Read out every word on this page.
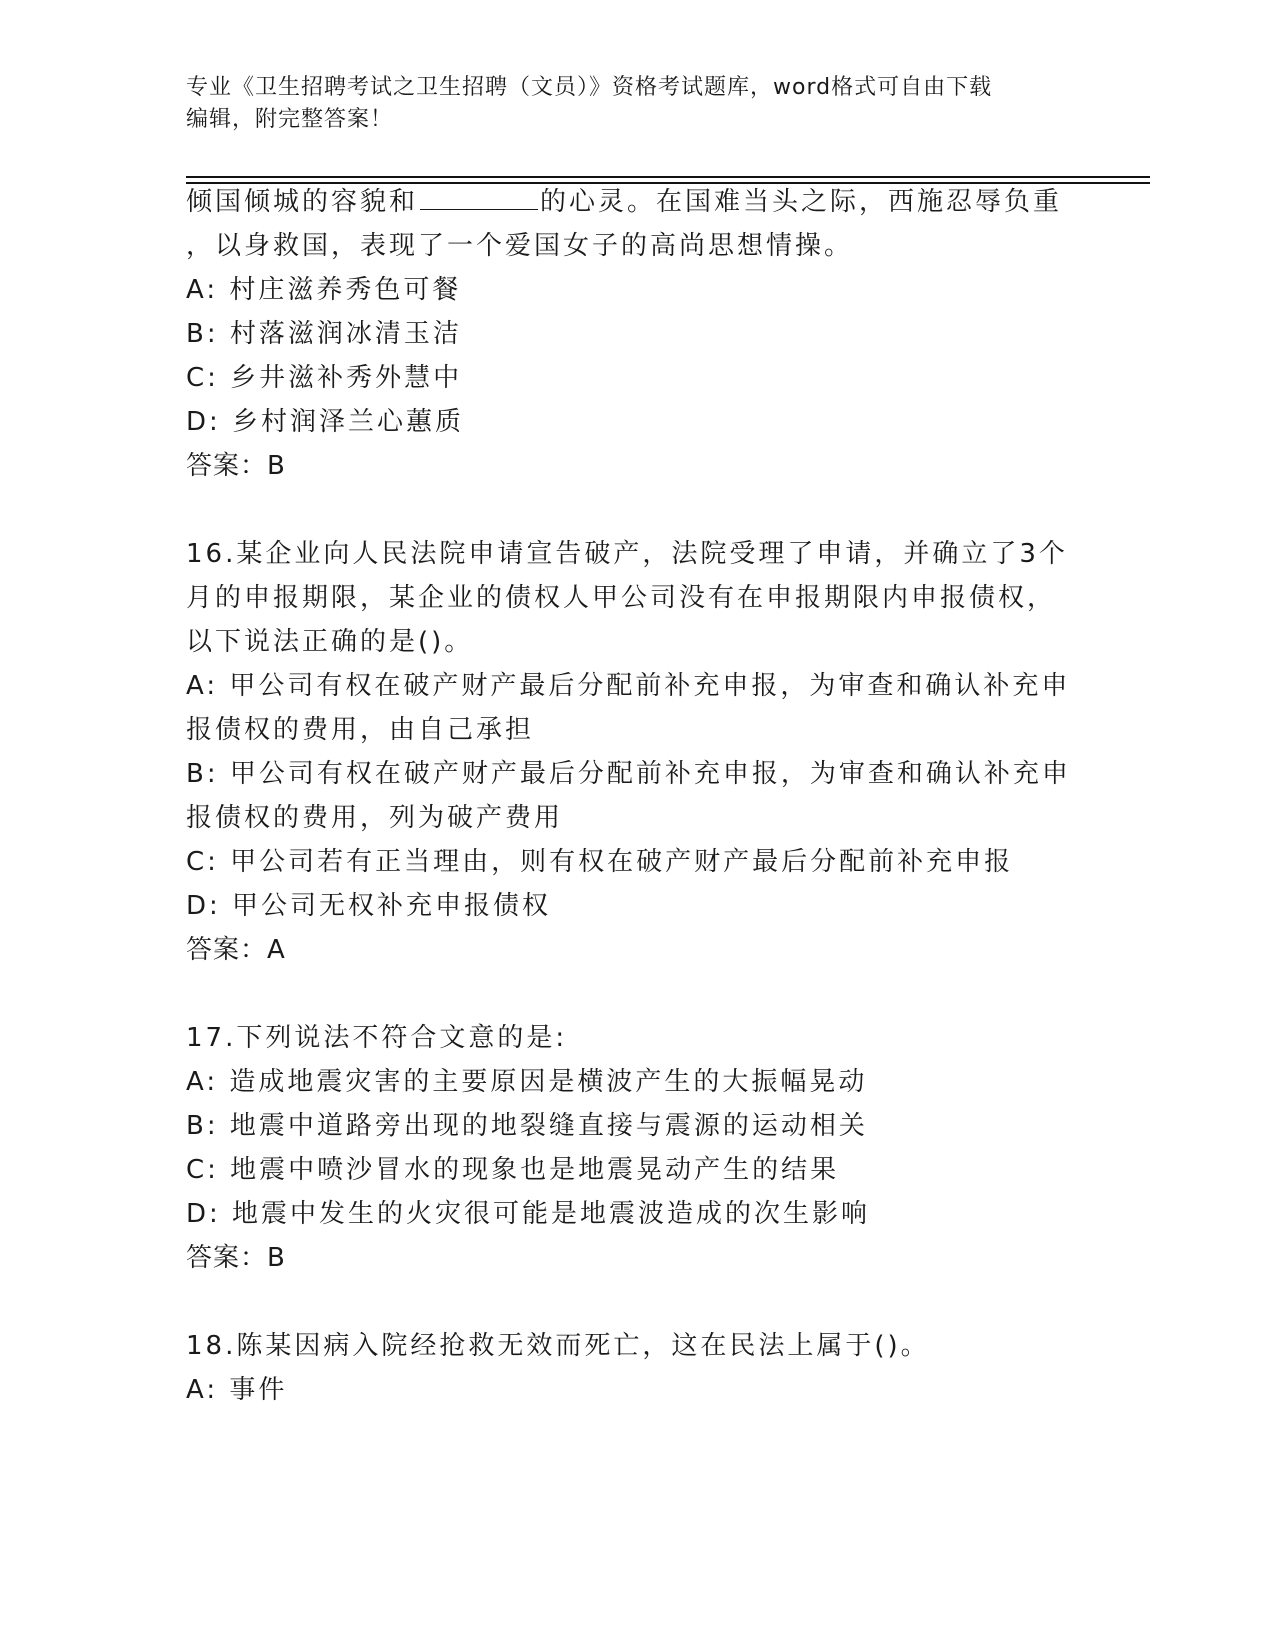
专业《卫生招聘考试之卫生招聘（文员）》资格考试题库，word格式可自由下载
编辑，附完整答案！
倾国倾城的容貌和	的心灵。在国难当头之际，西施忍辱负重
，以身救国，表现了一个爱国女子的高尚思想情操。
A: 村庄滋养秀色可餐
B: 村落滋润冰清玉洁
C: 乡井滋补秀外慧中
D: 乡村润泽兰心蕙质
答案：B
16.某企业向人民法院申请宣告破产，法院受理了申请，并确立了3个
月的申报期限，某企业的债权人甲公司没有在申报期限内申报债权，
以下说法正确的是()。
A: 甲公司有权在破产财产最后分配前补充申报，为审查和确认补充申
报债权的费用，由自己承担
B: 甲公司有权在破产财产最后分配前补充申报，为审查和确认补充申
报债权的费用，列为破产费用
C: 甲公司若有正当理由，则有权在破产财产最后分配前补充申报
D: 甲公司无权补充申报债权
答案：A
17.下列说法不符合文意的是:
A: 造成地震灾害的主要原因是横波产生的大振幅晃动
B: 地震中道路旁出现的地裂缝直接与震源的运动相关
C: 地震中喷沙冒水的现象也是地震晃动产生的结果
D: 地震中发生的火灾很可能是地震波造成的次生影响
答案：B
18.陈某因病入院经抢救无效而死亡，这在民法上属于()。
A: 事件
